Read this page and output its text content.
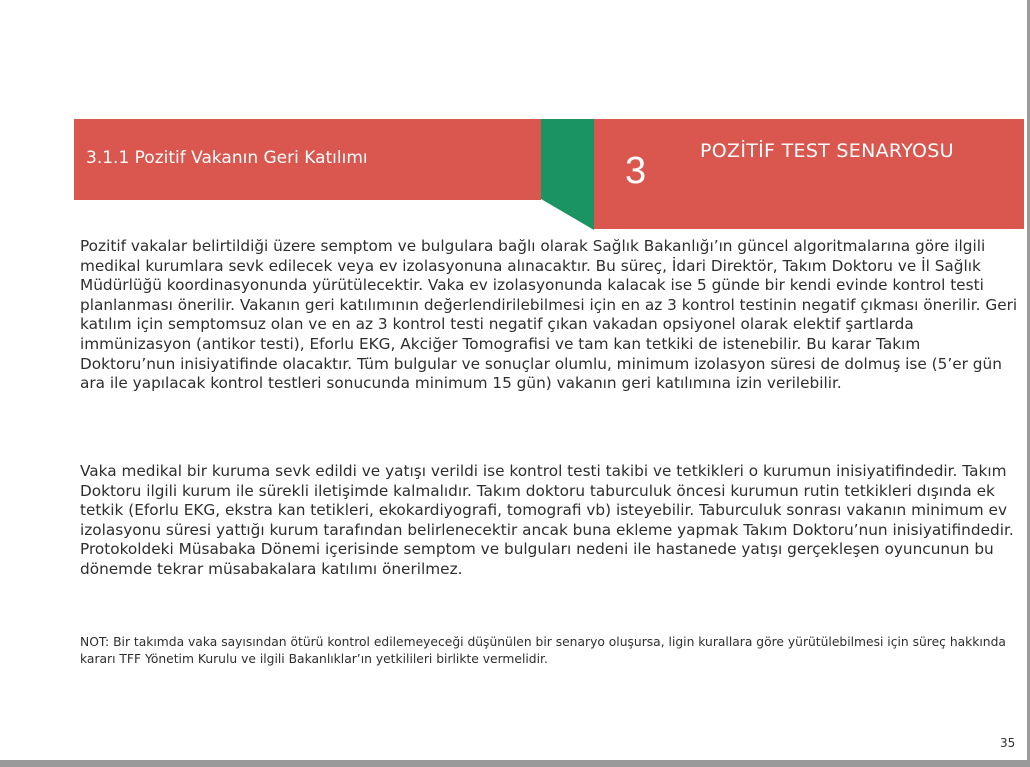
3.1.1 Pozitif Vakanın Geri Katılımı	3	POZİTİF TEST SENARYOSU

Pozitif vakalar belirtildiği üzere semptom ve bulgulara bağlı olarak Sağlık Bakanlığı’ın güncel algoritmalarına göre ilgili medikal kurumlara sevk edilecek veya ev izolasyonuna alınacaktır. Bu süreç, İdari Direktör, Takım Doktoru ve İl Sağlık Müdürlüğü koordinasyonunda yürütülecektir. Vaka ev izolasyonunda kalacak ise 5 günde bir kendi evinde kontrol testi planlanması önerilir. Vakanın geri katılımının değerlendirilebilmesi için en az 3 kontrol testinin negatif çıkması önerilir. Geri katılım için semptomsuz olan ve en az 3 kontrol testi negatif çıkan vakadan opsiyonel olarak elektif şartlarda immünizasyon (antikor testi), Eforlu EKG, Akciğer Tomografisi ve tam kan tetkiki de istenebilir. Bu karar Takım Doktoru’nun inisiyatifinde olacaktır. Tüm bulgular ve sonuçlar olumlu, minimum izolasyon süresi de dolmuş ise (5’er gün ara ile yapılacak kontrol testleri sonucunda minimum 15 gün) vakanın geri katılımına izin verilebilir.

Vaka medikal bir kuruma sevk edildi ve yatışı verildi ise kontrol testi takibi ve tetkikleri o kurumun inisiyatifindedir. Takım Doktoru ilgili kurum ile sürekli iletişimde kalmalıdır. Takım doktoru taburculuk öncesi kurumun rutin tetkikleri dışında ek tetkik (Eforlu EKG, ekstra kan tetikleri, ekokardiyografi, tomografi vb) isteyebilir. Taburculuk sonrası vakanın minimum ev izolasyonu süresi yattığı kurum tarafından belirlenecektir ancak buna ekleme yapmak Takım Doktoru’nun inisiyatifindedir. Protokoldeki Müsabaka Dönemi içerisinde semptom ve bulguları nedeni ile hastanede yatışı gerçekleşen oyuncunun bu dönemde tekrar müsabakalara katılımı önerilmez.

NOT: Bir takımda vaka sayısından ötürü kontrol edilemeyeceği düşünülen bir senaryo oluşursa, ligin kurallara göre yürütülebilmesi için süreç hakkında kararı TFF Yönetim Kurulu ve ilgili Bakanlıklar’ın yetkilileri birlikte vermelidir.

35
